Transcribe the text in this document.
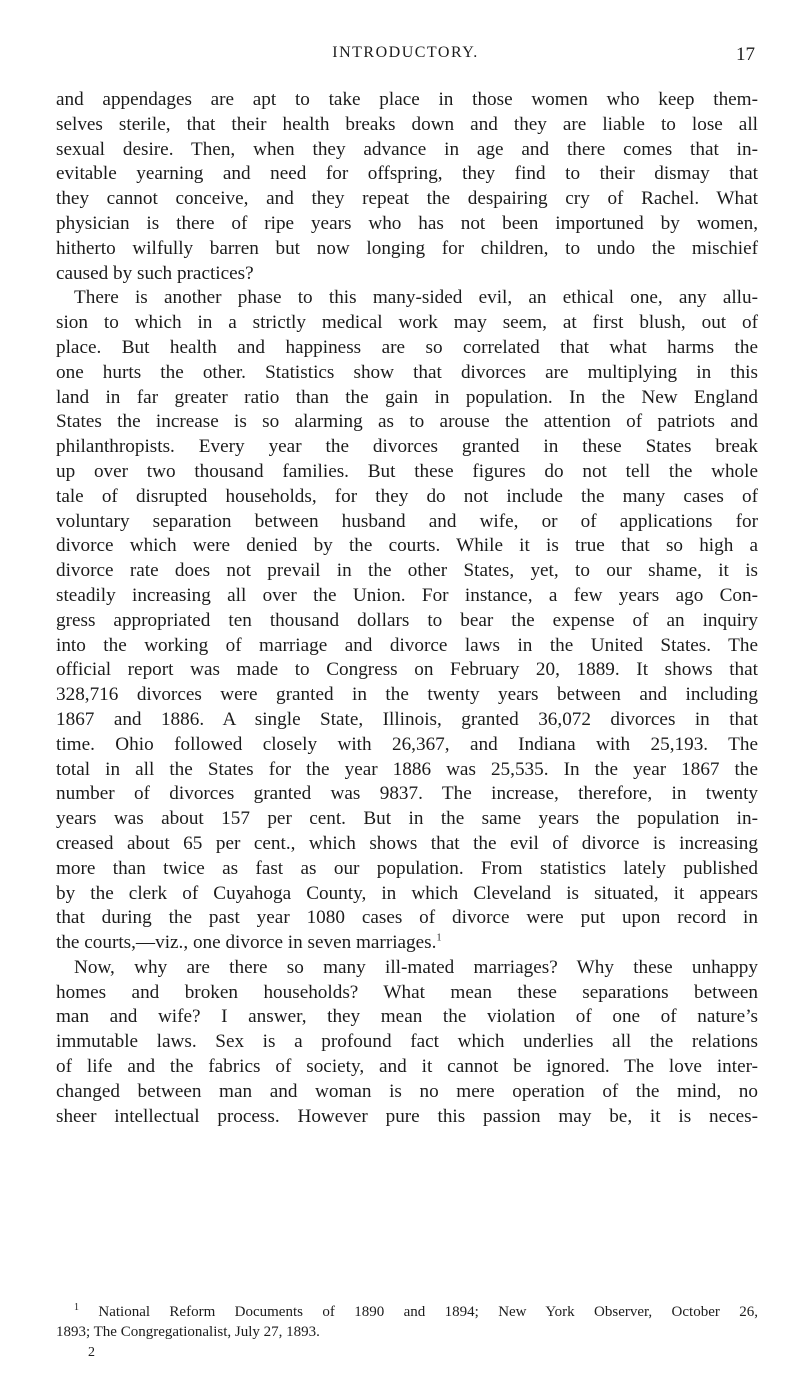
INTRODUCTORY.	17
and appendages are apt to take place in those women who keep them-
selves sterile, that their health breaks down and they are liable to lose all
sexual desire. Then, when they advance in age and there comes that in-
evitable yearning and need for offspring, they find to their dismay that
they cannot conceive, and they repeat the despairing cry of Rachel. What
physician is there of ripe years who has not been importuned by women,
hitherto wilfully barren but now longing for children, to undo the mischief
caused by such practices?
There is another phase to this many-sided evil, an ethical one, any allu-
sion to which in a strictly medical work may seem, at first blush, out of
place. But health and happiness are so correlated that what harms the
one hurts the other. Statistics show that divorces are multiplying in this
land in far greater ratio than the gain in population. In the New England
States the increase is so alarming as to arouse the attention of patriots and
philanthropists. Every year the divorces granted in these States break
up over two thousand families. But these figures do not tell the whole
tale of disrupted households, for they do not include the many cases of
voluntary separation between husband and wife, or of applications for
divorce which were denied by the courts. While it is true that so high a
divorce rate does not prevail in the other States, yet, to our shame, it is
steadily increasing all over the Union. For instance, a few years ago Con-
gress appropriated ten thousand dollars to bear the expense of an inquiry
into the working of marriage and divorce laws in the United States. The
official report was made to Congress on February 20, 1889. It shows that
328,716 divorces were granted in the twenty years between and including
1867 and 1886. A single State, Illinois, granted 36,072 divorces in that
time. Ohio followed closely with 26,367, and Indiana with 25,193. The
total in all the States for the year 1886 was 25,535. In the year 1867 the
number of divorces granted was 9837. The increase, therefore, in twenty
years was about 157 per cent. But in the same years the population in-
creased about 65 per cent., which shows that the evil of divorce is increasing
more than twice as fast as our population. From statistics lately published
by the clerk of Cuyahoga County, in which Cleveland is situated, it appears
that during the past year 1080 cases of divorce were put upon record in
the courts,—viz., one divorce in seven marriages.$^1$
Now, why are there so many ill-mated marriages? Why these unhappy
homes and broken households? What mean these separations between
man and wife? I answer, they mean the violation of one of nature’s
immutable laws. Sex is a profound fact which underlies all the relations
of life and the fabrics of society, and it cannot be ignored. The love inter-
changed between man and woman is no mere operation of the mind, no
sheer intellectual process. However pure this passion may be, it is neces-
$^1$ National Reform Documents of 1890 and 1894; New York Observer, October 26,
1893; The Congregationalist, July 27, 1893.
2
